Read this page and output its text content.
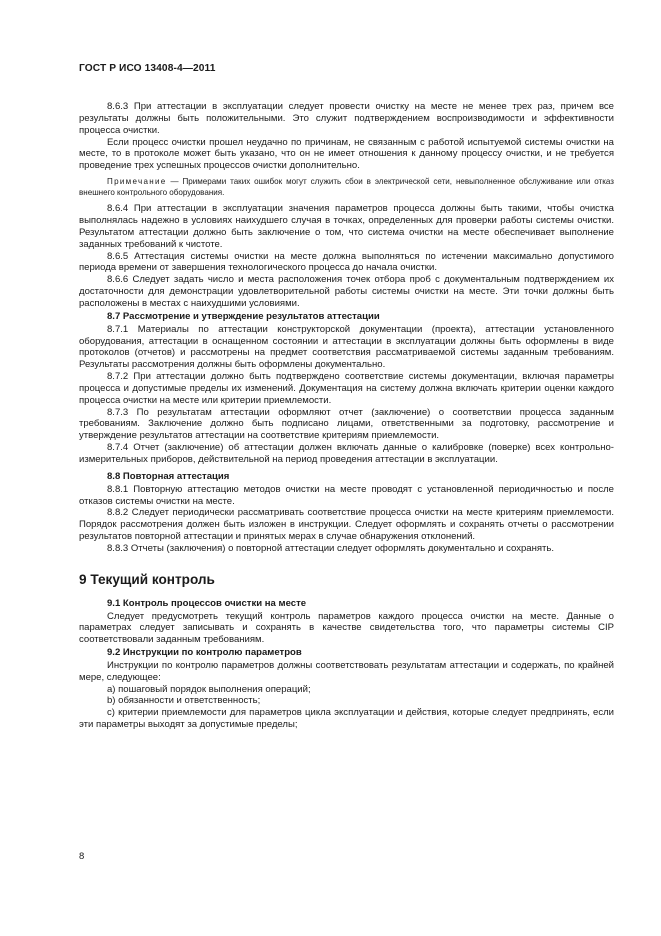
ГОСТ Р ИСО 13408-4—2011

8.6.3 При аттестации в эксплуатации следует провести очистку на месте не менее трех раз, причем все результаты должны быть положительными. Это служит подтверждением воспроизводимости и эффективности процесса очистки.

Если процесс очистки прошел неудачно по причинам, не связанным с работой испытуемой системы очистки на месте, то в протоколе может быть указано, что он не имеет отношения к данному процессу очистки, и не требуется проведение трех успешных процессов очистки дополнительно.

Примечание — Примерами таких ошибок могут служить сбои в электрической сети, невыполненное обслуживание или отказ внешнего контрольного оборудования.

8.6.4 При аттестации в эксплуатации значения параметров процесса должны быть такими, чтобы очистка выполнялась надежно в условиях наихудшего случая в точках, определенных для проверки работы системы очистки. Результатом аттестации должно быть заключение о том, что система очистки на месте обеспечивает выполнение заданных требований к чистоте.

8.6.5 Аттестация системы очистки на месте должна выполняться по истечении максимально допустимого периода времени от завершения технологического процесса до начала очистки.

8.6.6 Следует задать число и места расположения точек отбора проб с документальным подтверждением их достаточности для демонстрации удовлетворительной работы системы очистки на месте. Эти точки должны быть расположены в местах с наихудшими условиями.

8.7 Рассмотрение и утверждение результатов аттестации

8.7.1 Материалы по аттестации конструкторской документации (проекта), аттестации установленного оборудования, аттестации в оснащенном состоянии и аттестации в эксплуатации должны быть оформлены в виде протоколов (отчетов) и рассмотрены на предмет соответствия рассматриваемой системы заданным требованиям. Результаты рассмотрения должны быть оформлены документально.

8.7.2 При аттестации должно быть подтверждено соответствие системы документации, включая параметры процесса и допустимые пределы их изменений. Документация на систему должна включать критерии оценки каждого процесса очистки на месте или критерии приемлемости.

8.7.3 По результатам аттестации оформляют отчет (заключение) о соответствии процесса заданным требованиям. Заключение должно быть подписано лицами, ответственными за подготовку, рассмотрение и утверждение результатов аттестации на соответствие критериям приемлемости.

8.7.4 Отчет (заключение) об аттестации должен включать данные о калибровке (поверке) всех контрольно-измерительных приборов, действительной на период проведения аттестации в эксплуатации.

8.8 Повторная аттестация

8.8.1 Повторную аттестацию методов очистки на месте проводят с установленной периодичностью и после отказов системы очистки на месте.

8.8.2 Следует периодически рассматривать соответствие процесса очистки на месте критериям приемлемости. Порядок рассмотрения должен быть изложен в инструкции. Следует оформлять и сохранять отчеты о рассмотрении результатов повторной аттестации и принятых мерах в случае обнаружения отклонений.

8.8.3 Отчеты (заключения) о повторной аттестации следует оформлять документально и сохранять.

9 Текущий контроль
9.1 Контроль процессов очистки на месте

Следует предусмотреть текущий контроль параметров каждого процесса очистки на месте. Данные о параметрах следует записывать и сохранять в качестве свидетельства того, что параметры системы CIP соответствовали заданным требованиям.

9.2 Инструкции по контролю параметров

Инструкции по контролю параметров должны соответствовать результатам аттестации и содержать, по крайней мере, следующее:

a) пошаговый порядок выполнения операций;
b) обязанности и ответственность;
c) критерии приемлемости для параметров цикла эксплуатации и действия, которые следует предпринять, если эти параметры выходят за допустимые пределы;
8
